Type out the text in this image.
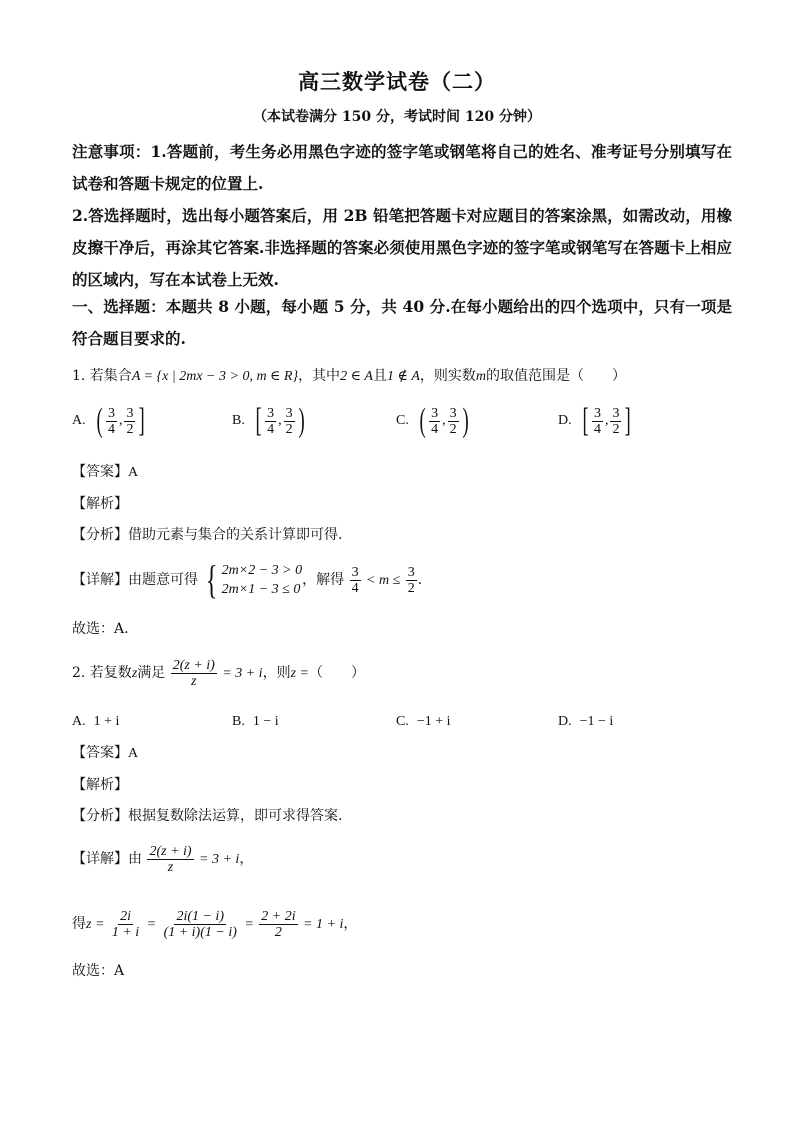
高三数学试卷（二）
（本试卷满分 150 分，考试时间 120 分钟）
注意事项：1.答题前，考生务必用黑色字迹的签字笔或钢笔将自己的姓名、准考证号分别填写在试卷和答题卡规定的位置上.
2.答选择题时，选出每小题答案后，用 2B 铅笔把答题卡对应题目的答案涂黑，如需改动，用橡皮擦干净后，再涂其它答案.非选择题的答案必须使用黑色字迹的签字笔或钢笔写在答题卡上相应的区域内，写在本试卷上无效.
一、选择题：本题共 8 小题，每小题 5 分，共 40 分.在每小题给出的四个选项中，只有一项是符合题目要求的.
1. 若集合A = {x | 2mx − 3 > 0, m ∈ R}，其中2 ∈ A且1 ∉ A，则实数m的取值范围是（　　）
A. ( $\frac{3}{4}$ , $\frac{3}{2}$ ]	B. [ $\frac{3}{4}$ , $\frac{3}{2}$ )	C. ( $\frac{3}{4}$ , $\frac{3}{2}$ )	D. [ $\frac{3}{4}$ , $\frac{3}{2}$ ]
【答案】A
【解析】
【分析】借助元素与集合的关系计算即可得.
【详解】由题意可得 { 2m×2 − 3 > 0
2m×1 − 3 ≤ 0
，解得 $\frac{3}{4} < m \le \frac{3}{2}$ .
故选：A.
2. 若复数z满足 $\frac{2(z + i)}{z} = 3 + i$，则z =（　　）
A. 1 + i	B. 1 − i	C. −1 + i	D. −1 − i
【答案】A
【解析】
【分析】根据复数除法运算，即可求得答案.
【详解】由 $\frac{2(z + i)}{z} = 3 + i$，
得$z = \frac{2i}{1 + i} = \frac{2i(1 - i)}{(1 + i)(1 - i)} = \frac{2 + 2i}{2} = 1 + i$，
故选：A
